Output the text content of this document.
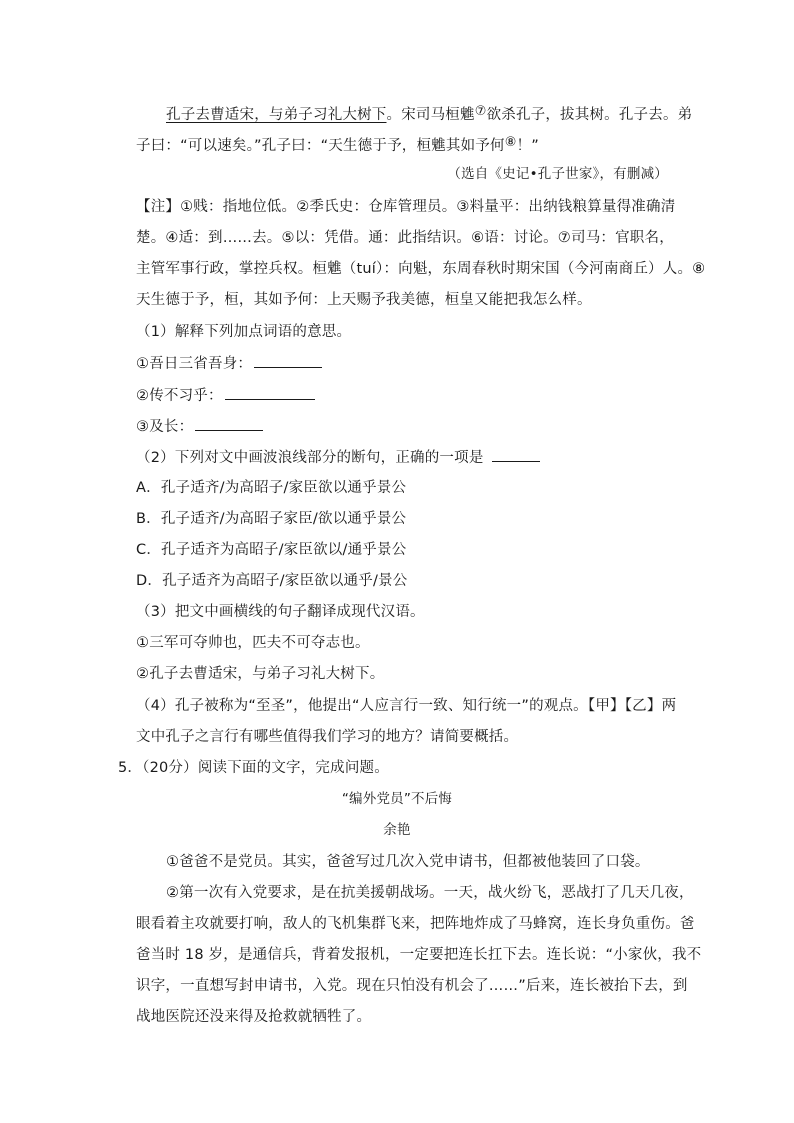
孔子去曹适宋，与弟子习礼大树下。宋司马桓魋⑦欲杀孔子，拔其树。孔子去。弟
子曰：“可以速矣。”孔子曰：“天生德于予，桓魋其如予何⑧！”
（选自《史记•孔子世家》，有删减）
【注】①贱：指地位低。②季氏史：仓库管理员。③料量平：出纳钱粮算量得准确清
楚。④适：到……去。⑤以：凭借。通：此指结识。⑥语：讨论。⑦司马：官职名，
主管军事行政，掌控兵权。桓魋（tuí）：向魁，东周春秋时期宋国（今河南商丘）人。⑧
天生德于予，桓，其如予何：上天赐予我美德，桓皇又能把我怎么样。
（1）解释下列加点词语的意思。
①吾日三省吾身：
②传不习乎：
③及长：
（2）下列对文中画波浪线部分的断句，正确的一项是
A．孔子适齐/为高昭子/家臣欲以通乎景公
B．孔子适齐/为高昭子家臣/欲以通乎景公
C．孔子适齐为高昭子/家臣欲以/通乎景公
D．孔子适齐为高昭子/家臣欲以通乎/景公
（3）把文中画横线的句子翻译成现代汉语。
①三军可夺帅也，匹夫不可夺志也。
②孔子去曹适宋，与弟子习礼大树下。
（4）孔子被称为“至圣”，他提出“人应言行一致、知行统一”的观点。【甲】【乙】两
文中孔子之言行有哪些值得我们学习的地方？请简要概括。
5．（20分）阅读下面的文字，完成问题。
“编外党员”不后悔
余艳
①爸爸不是党员。其实，爸爸写过几次入党申请书，但都被他装回了口袋。
②第一次有入党要求，是在抗美援朝战场。一天，战火纷飞，恶战打了几天几夜，
眼看着主攻就要打响，敌人的飞机集群飞来，把阵地炸成了马蜂窝，连长身负重伤。爸
爸当时 18 岁，是通信兵，背着发报机，一定要把连长扛下去。连长说：“小家伙，我不
识字，一直想写封申请书，入党。现在只怕没有机会了……”后来，连长被抬下去，到
战地医院还没来得及抢救就牺牲了。
